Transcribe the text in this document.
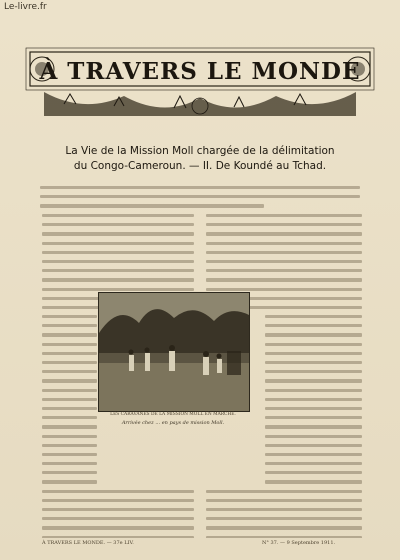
Le-livre.fr
À TRAVERS LE MONDE
La Vie de la Mission Moll chargée de la délimitation
du Congo-Cameroun. — II. De Koundé au Tchad.
LES CARAVANES DE LA MISSION MOLL EN MARCHE.
Arrivée chez ... en pays de mission Moll.
À TRAVERS LE MONDE. — 37e LIV.	N° 37. — 9 Septembre 1911.
